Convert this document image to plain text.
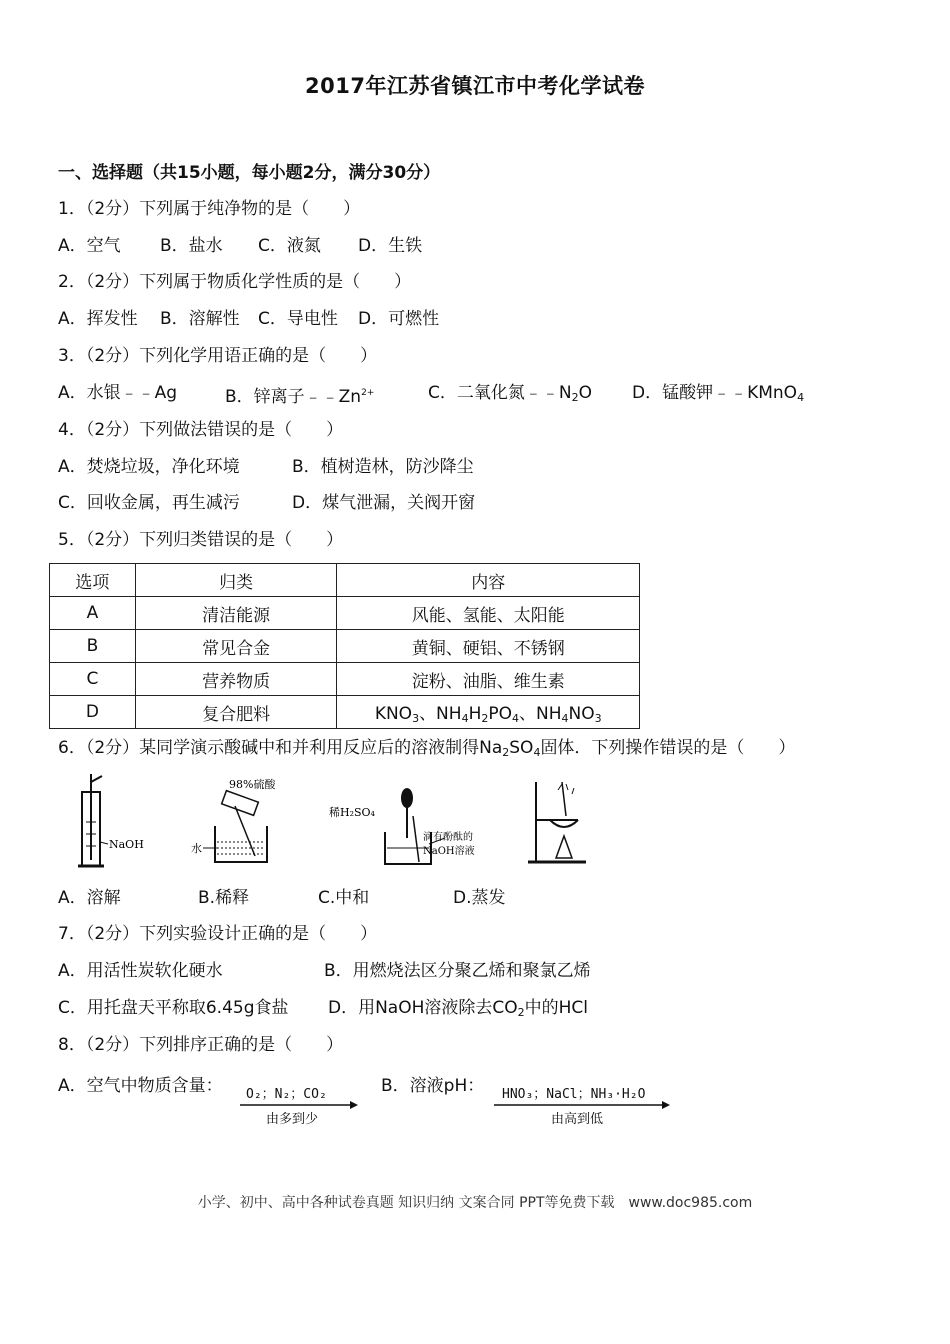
2017年江苏省镇江市中考化学试卷
一、选择题（共15小题，每小题2分，满分30分）
1．（2分）下列属于纯净物的是（　　）
A．空气 B．盐水 C．液氮 D．生铁
2．（2分）下列属于物质化学性质的是（　　）
A．挥发性 B．溶解性 C．导电性 D．可燃性
3．（2分）下列化学用语正确的是（　　）
A．水银﹣﹣Ag	B．锌离子$﹣﹣Zn^{2+}$	C．二氧化氮$﹣﹣N_2O$ D．锰酸钾﹣﹣KMnO$_4$
4．（2分）下列做法错误的是（　　）
A．焚烧垃圾，净化环境	B．植树造林，防沙降尘
C．回收金属，再生减污	D．煤气泄漏，关阀开窗
5．（2分）下列归类错误的是（　　）
选项	归类	内容
A	清洁能源	风能、氢能、太阳能
B	常见合金	黄铜、硬铝、不锈钢
C	营养物质	淀粉、油脂、维生素
D	复合肥料	$KNO_3$、$NH_4H_2PO_4$、$NH_4NO_3$
6．（2分）某同学演示酸碱中和并利用反应后的溶液制得$Na_2SO_4$固体．下列操作错误的是（　　）
NaOH
98%硫酸
水
稀H₂SO₄
滴有酚酞的
NaOH溶液
A．溶解	B.稀释	C.中和	D.蒸发
7．（2分）下列实验设计正确的是（　　）
A．用活性炭软化硬水	B．用燃烧法区分聚乙烯和聚氯乙烯
C．用托盘天平称取6.45g食盐 D．用NaOH溶液除去$CO_2$中的HCl
8．（2分）下列排序正确的是（　　）
A．空气中物质含量： O₂；N₂；CO₂
由多到少
B．溶液pH： HNO₃；NaCl；NH₃·H₂O
由高到低
小学、初中、高中各种试卷真题 知识归纳 文案合同 PPT等免费下载　www.doc985.com
